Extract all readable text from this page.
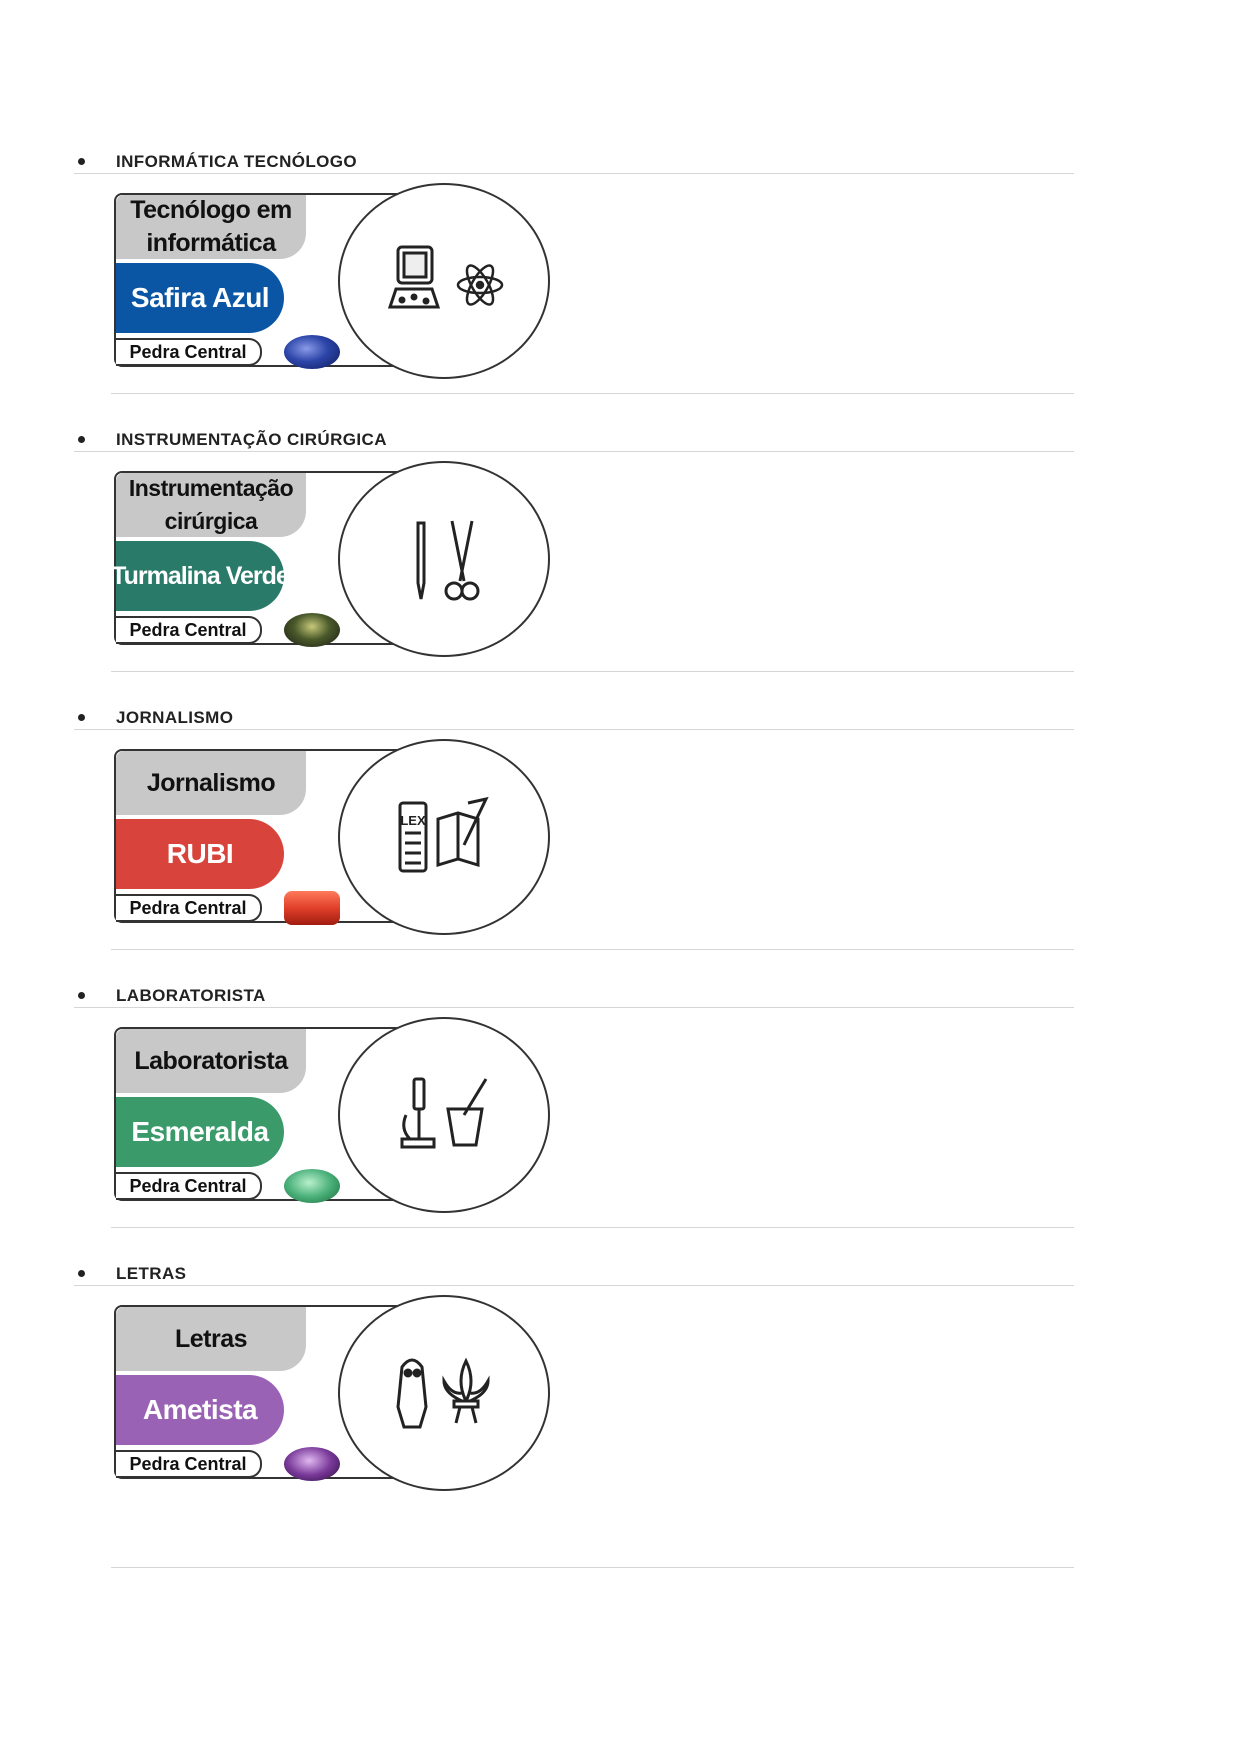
INFORMÁTICA TECNÓLOGO
Tecnólogo em
informática
Safira Azul
Pedra Central

INSTRUMENTAÇÃO CIRÚRGICA
Instrumentação
cirúrgica
Turmalina Verde
Pedra Central
JORNALISMO
Jornalismo
RUBI
Pedra Central
LEX
LABORATORISTA
Laboratorista
Esmeralda
Pedra Central
LETRAS
Letras
Ametista
Pedra Central
